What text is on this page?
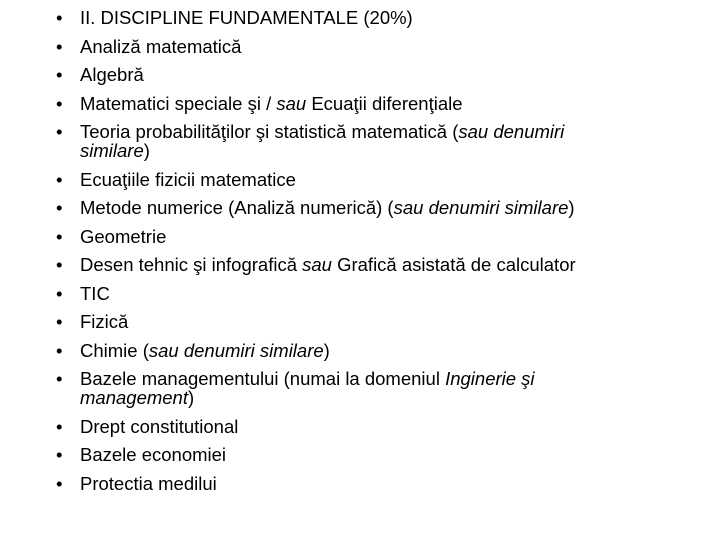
• II. DISCIPLINE FUNDAMENTALE (20%)
• Analiză matematică
• Algebră
• Matematici speciale şi / sau Ecuaţii diferenţiale
• Teoria probabilităţilor şi statistică matematică (sau denumiri similare)
• Ecuaţiile fizicii matematice
• Metode numerice (Analiză numerică) (sau denumiri similare)
• Geometrie
• Desen tehnic şi infografică sau Grafică asistată de calculator
• TIC
• Fizică
• Chimie (sau denumiri similare)
• Bazele managementului (numai la domeniul Inginerie şi management)
• Drept constitutional
• Bazele economiei
• Protectia medilui
